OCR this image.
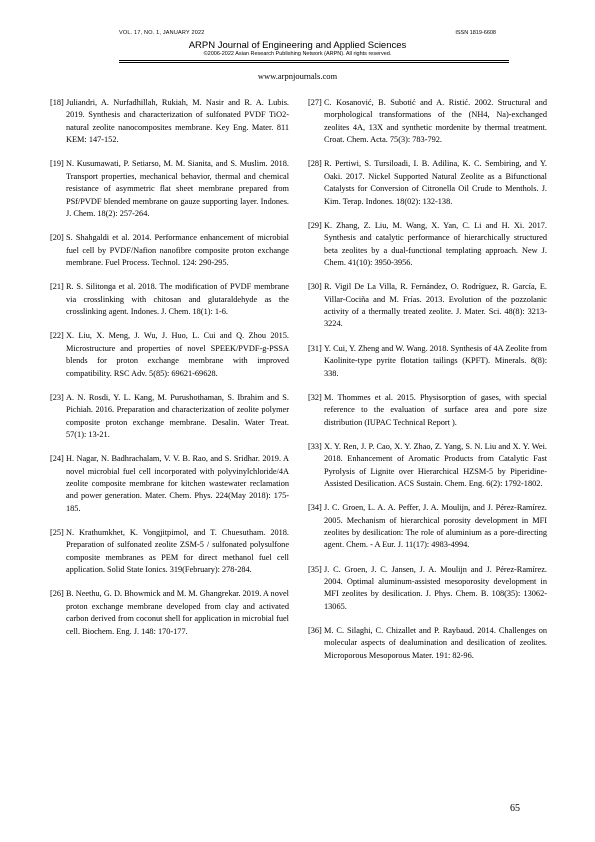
VOL. 17, NO. 1, JANUARY 2022	ISSN 1819-6608
ARPN Journal of Engineering and Applied Sciences
©2006-2022 Asian Research Publishing Network (ARPN). All rights reserved.
www.arpnjournals.com
[18] Juliandri, A. Nurfadhillah, Rukiah, M. Nasir and R. A. Lubis. 2019. Synthesis and characterization of sulfonated PVDF TiO2-natural zeolite nanocomposites membrane. Key Eng. Mater. 811 KEM: 147-152.
[19] N. Kusumawati, P. Setiarso, M. M. Sianita, and S. Muslim. 2018. Transport properties, mechanical behavior, thermal and chemical resistance of asymmetric flat sheet membrane prepared from PSf/PVDF blended membrane on gauze supporting layer. Indones. J. Chem. 18(2): 257-264.
[20] S. Shahgaldi et al. 2014. Performance enhancement of microbial fuel cell by PVDF/Nafion nanofibre composite proton exchange membrane. Fuel Process. Technol. 124: 290-295.
[21] R. S. Silitonga et al. 2018. The modification of PVDF membrane via crosslinking with chitosan and glutaraldehyde as the crosslinking agent. Indones. J. Chem. 18(1): 1-6.
[22] X. Liu, X. Meng, J. Wu, J. Huo, L. Cui and Q. Zhou 2015. Microstructure and properties of novel SPEEK/PVDF-g-PSSA blends for proton exchange membrane with improved compatibility. RSC Adv. 5(85): 69621-69628.
[23] A. N. Rosdi, Y. L. Kang, M. Purushothaman, S. Ibrahim and S. Pichiah. 2016. Preparation and characterization of zeolite polymer composite proton exchange membrane. Desalin. Water Treat. 57(1): 13-21.
[24] H. Nagar, N. Badhrachalam, V. V. B. Rao, and S. Sridhar. 2019. A novel microbial fuel cell incorporated with polyvinylchloride/4A zeolite composite membrane for kitchen wastewater reclamation and power generation. Mater. Chem. Phys. 224(May 2018): 175-185.
[25] N. Krathumkhet, K. Vongjitpimol, and T. Chuesutham. 2018. Preparation of sulfonated zeolite ZSM-5 / sulfonated polysulfone composite membranes as PEM for direct methanol fuel cell application. Solid State Ionics. 319(February): 278-284.
[26] B. Neethu, G. D. Bhowmick and M. M. Ghangrekar. 2019. A novel proton exchange membrane developed from clay and activated carbon derived from coconut shell for application in microbial fuel cell. Biochem. Eng. J. 148: 170-177.
[27] C. Kosanović, B. Subotić and A. Ristić. 2002. Structural and morphological transformations of the (NH4, Na)-exchanged zeolites 4A, 13X and synthetic mordenite by thermal treatment. Croat. Chem. Acta. 75(3): 783-792.
[28] R. Pertiwi, S. Tursiloadi, I. B. Adilina, K. C. Sembiring, and Y. Oaki. 2017. Nickel Supported Natural Zeolite as a Bifunctional Catalysts for Conversion of Citronella Oil Crude to Menthols. J. Kim. Terap. Indones. 18(02): 132-138.
[29] K. Zhang, Z. Liu, M. Wang, X. Yan, C. Li and H. Xi. 2017. Synthesis and catalytic performance of hierarchically structured beta zeolites by a dual-functional templating approach. New J. Chem. 41(10): 3950-3956.
[30] R. Vigil De La Villa, R. Fernández, O. Rodríguez, R. García, E. Villar-Cociña and M. Frías. 2013. Evolution of the pozzolanic activity of a thermally treated zeolite. J. Mater. Sci. 48(8): 3213-3224.
[31] Y. Cui, Y. Zheng and W. Wang. 2018. Synthesis of 4A Zeolite from Kaolinite-type pyrite flotation tailings (KPFT). Minerals. 8(8): 338.
[32] M. Thommes et al. 2015. Physisorption of gases, with special reference to the evaluation of surface area and pore size distribution (IUPAC Technical Report ).
[33] X. Y. Ren, J. P. Cao, X. Y. Zhao, Z. Yang, S. N. Liu and X. Y. Wei. 2018. Enhancement of Aromatic Products from Catalytic Fast Pyrolysis of Lignite over Hierarchical HZSM-5 by Piperidine-Assisted Desilication. ACS Sustain. Chem. Eng. 6(2): 1792-1802.
[34] J. C. Groen, L. A. A. Peffer, J. A. Moulijn, and J. Pérez-Ramírez. 2005. Mechanism of hierarchical porosity development in MFI zeolites by desilication: The role of aluminium as a pore-directing agent. Chem. - A Eur. J. 11(17): 4983-4994.
[35] J. C. Groen, J. C. Jansen, J. A. Moulijn and J. Pérez-Ramírez. 2004. Optimal aluminum-assisted mesoporosity development in MFI zeolites by desilication. J. Phys. Chem. B. 108(35): 13062-13065.
[36] M. C. Silaghi, C. Chizallet and P. Raybaud. 2014. Challenges on molecular aspects of dealumination and desilication of zeolites. Microporous Mesoporous Mater. 191: 82-96.
65
